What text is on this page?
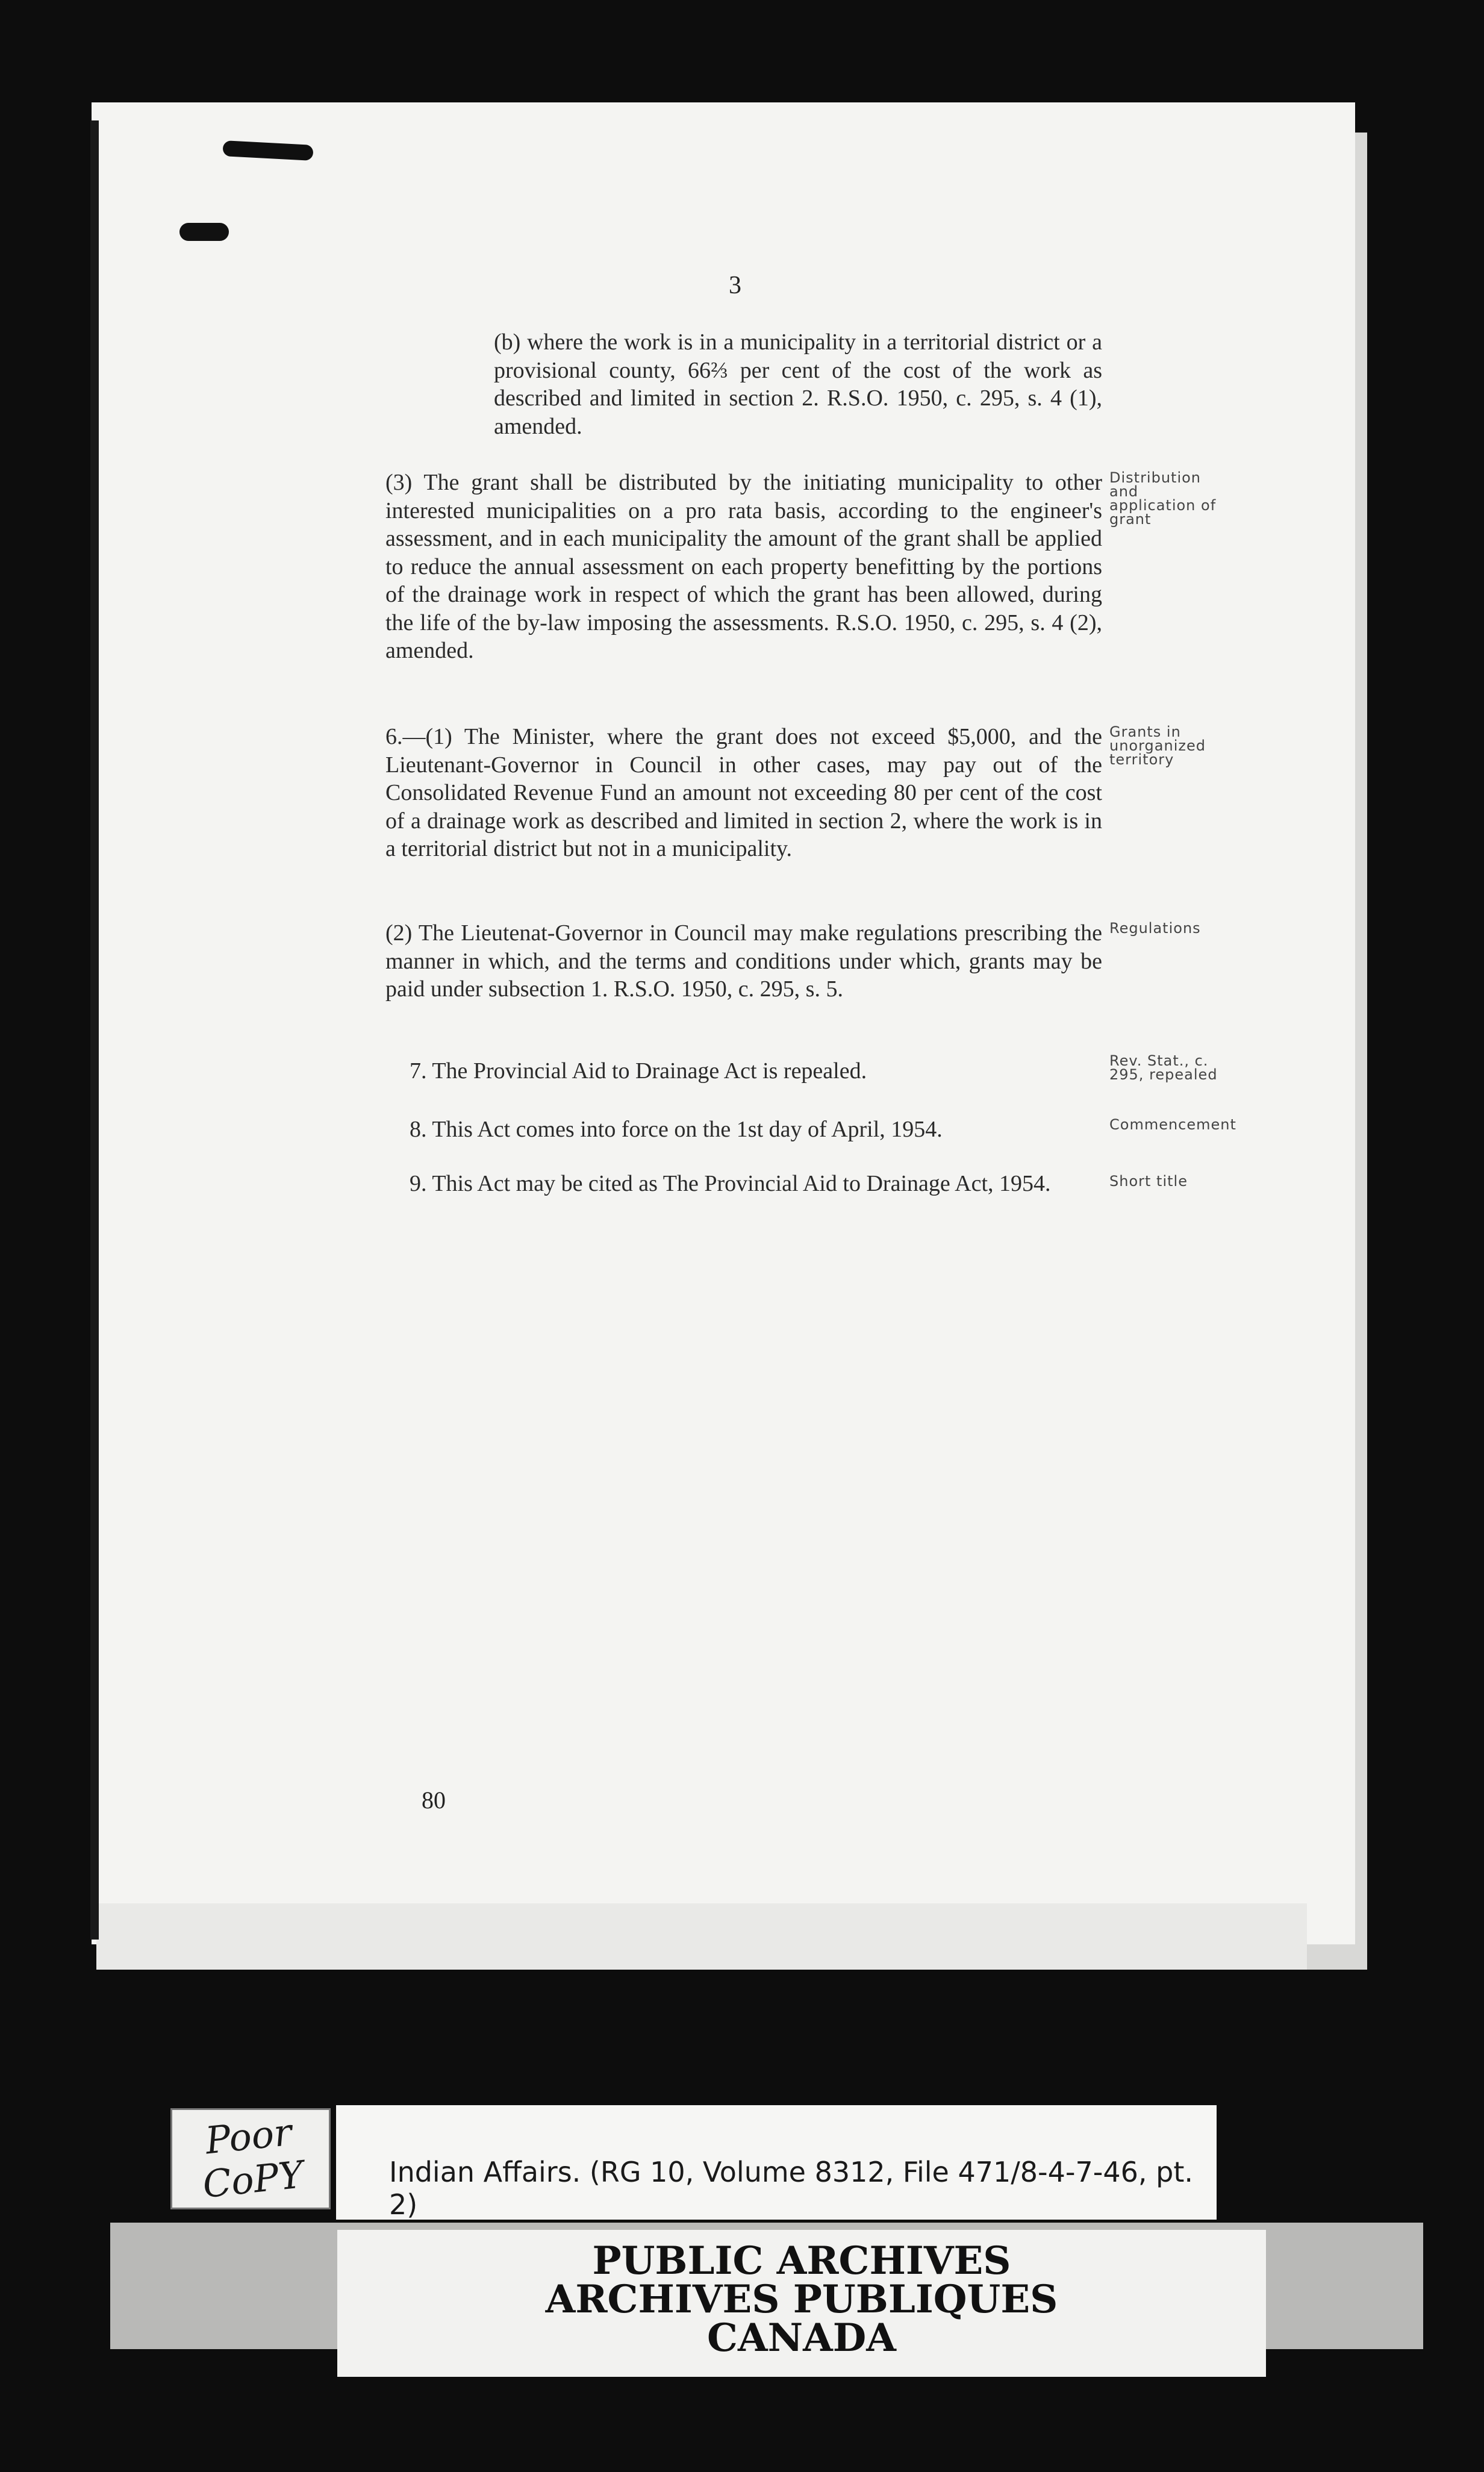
3
(b) where the work is in a municipality in a territorial district or a provisional county, 66⅔ per cent of the cost of the work as described and limited in section 2. R.S.O. 1950, c. 295, s. 4 (1), amended.
(3) The grant shall be distributed by the initiating municipality to other interested municipalities on a pro rata basis, according to the engineer's assessment, and in each municipality the amount of the grant shall be applied to reduce the annual assessment on each property benefitting by the portions of the drainage work in respect of which the grant has been allowed, during the life of the by-law imposing the assessments. R.S.O. 1950, c. 295, s. 4 (2), amended.
Distribution and application of grant
6.—(1) The Minister, where the grant does not exceed $5,000, and the Lieutenant-Governor in Council in other cases, may pay out of the Consolidated Revenue Fund an amount not exceeding 80 per cent of the cost of a drainage work as described and limited in section 2, where the work is in a territorial district but not in a municipality.
Grants in unorganized territory
(2) The Lieutenat-Governor in Council may make regulations prescribing the manner in which, and the terms and conditions under which, grants may be paid under subsection 1. R.S.O. 1950, c. 295, s. 5.
Regulations
7. The Provincial Aid to Drainage Act is repealed.	Rev. Stat., c. 295, repealed
8. This Act comes into force on the 1st day of April, 1954.	Commencement
9. This Act may be cited as The Provincial Aid to Drainage Act, 1954.	Short title
80
Poor CoPY	Indian Affairs. (RG 10, Volume 8312, File 471/8-4-7-46, pt. 2)
PUBLIC ARCHIVES
ARCHIVES PUBLIQUES
CANADA
